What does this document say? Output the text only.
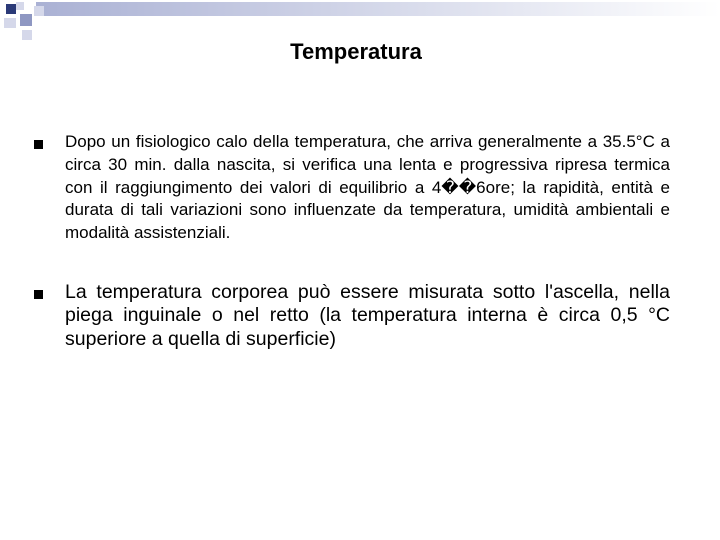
Temperatura
Dopo un fisiologico calo della temperatura, che arriva generalmente a 35.5°C a circa 30 min. dalla nascita, si verifica una lenta e progressiva ripresa termica con il raggiungimento dei valori di equilibrio a 4��6ore; la rapidità, entità e durata di tali variazioni sono influenzate da temperatura, umidità ambientali e modalità assistenziali.
La temperatura corporea può essere misurata sotto l'ascella, nella piega inguinale o nel retto (la temperatura interna è circa 0,5 °C superiore a quella di superficie)
